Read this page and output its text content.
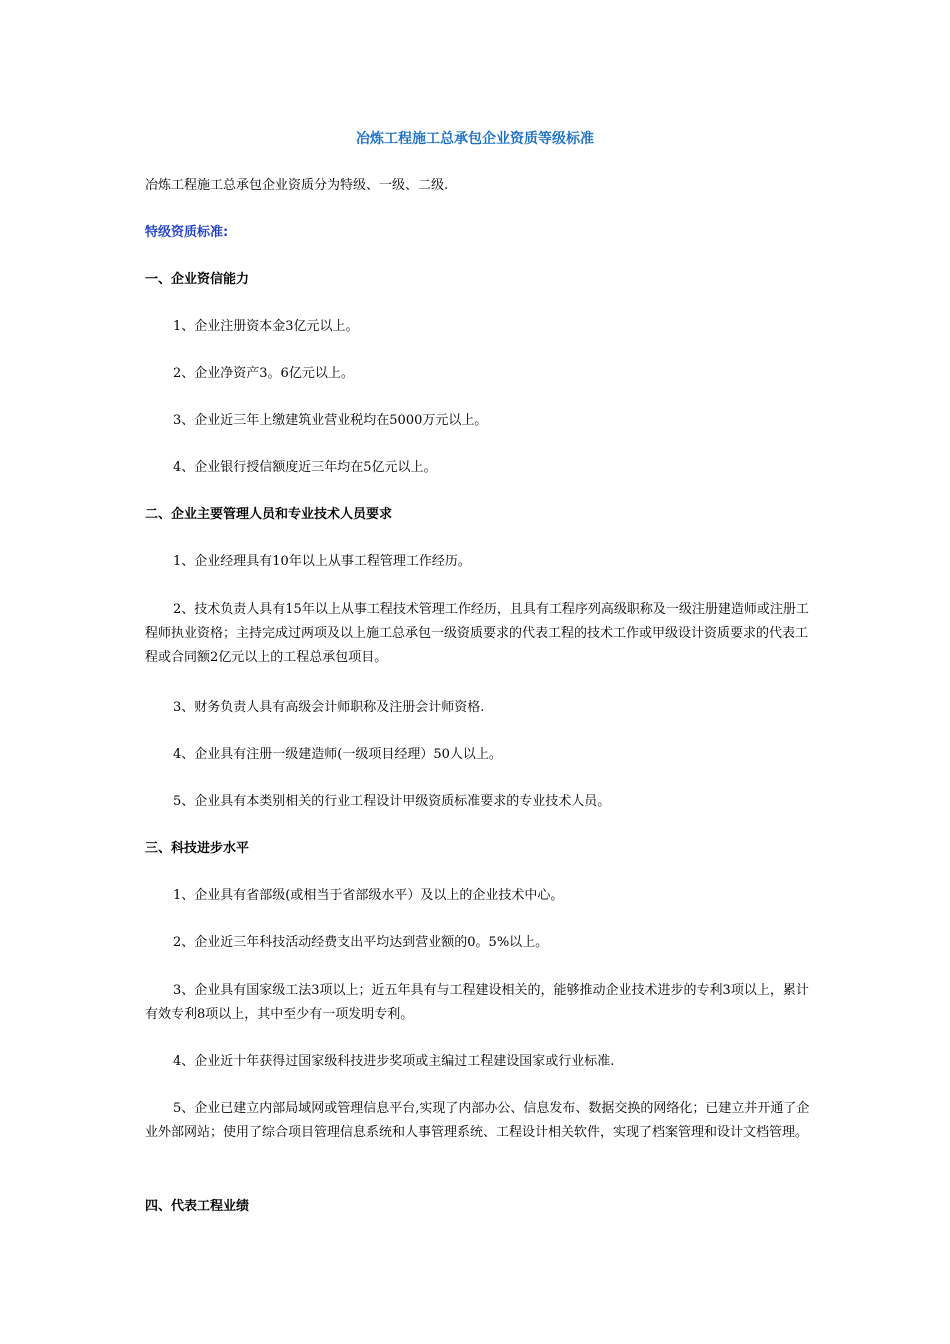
冶炼工程施工总承包企业资质等级标准
冶炼工程施工总承包企业资质分为特级、一级、二级.
特级资质标准:
一、企业资信能力
1、企业注册资本金3亿元以上。
2、企业净资产3。6亿元以上。
3、企业近三年上缴建筑业营业税均在5000万元以上。
4、企业银行授信额度近三年均在5亿元以上。
二、企业主要管理人员和专业技术人员要求
1、企业经理具有10年以上从事工程管理工作经历。
2、技术负责人具有15年以上从事工程技术管理工作经历，且具有工程序列高级职称及一级注册建造师或注册工程师执业资格；主持完成过两项及以上施工总承包一级资质要求的代表工程的技术工作或甲级设计资质要求的代表工程或合同额2亿元以上的工程总承包项目。
3、财务负责人具有高级会计师职称及注册会计师资格.
4、企业具有注册一级建造师(一级项目经理）50人以上。
5、企业具有本类别相关的行业工程设计甲级资质标准要求的专业技术人员。
三、科技进步水平
1、企业具有省部级(或相当于省部级水平）及以上的企业技术中心。
2、企业近三年科技活动经费支出平均达到营业额的0。5%以上。
3、企业具有国家级工法3项以上；近五年具有与工程建设相关的，能够推动企业技术进步的专利3项以上，累计有效专利8项以上，其中至少有一项发明专利。
4、企业近十年获得过国家级科技进步奖项或主编过工程建设国家或行业标准.
5、企业已建立内部局域网或管理信息平台,实现了内部办公、信息发布、数据交换的网络化；已建立并开通了企业外部网站；使用了综合项目管理信息系统和人事管理系统、工程设计相关软件，实现了档案管理和设计文档管理。
四、代表工程业绩
